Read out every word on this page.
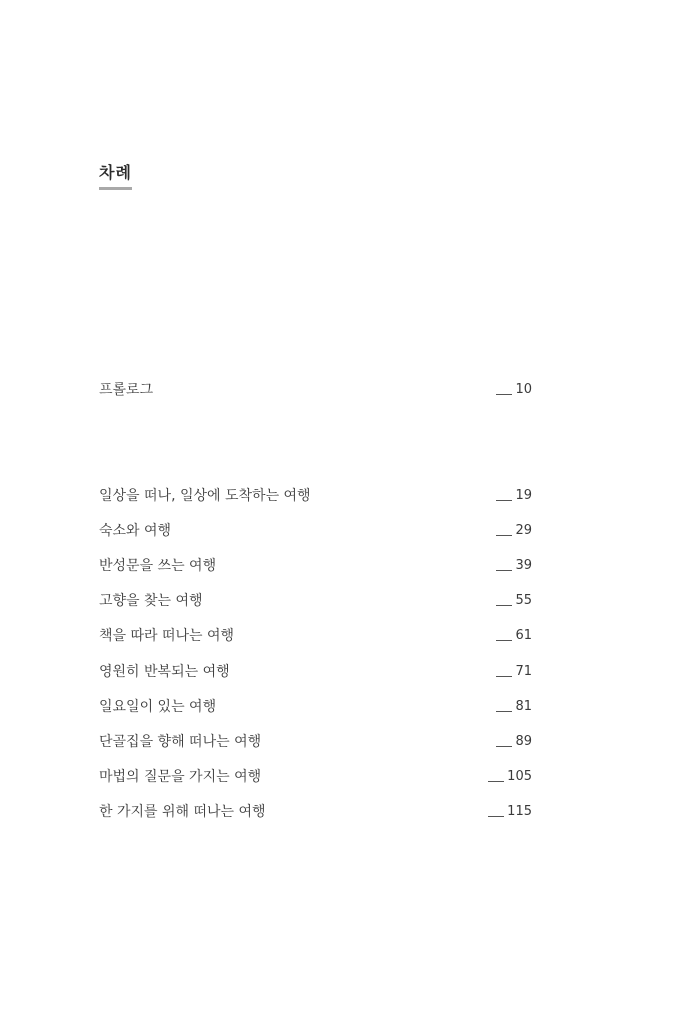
차례
프롤로그	10
일상을 떠나, 일상에 도착하는 여행	19
숙소와 여행	29
반성문을 쓰는 여행	39
고향을 찾는 여행	55
책을 따라 떠나는 여행	61
영원히 반복되는 여행	71
일요일이 있는 여행	81
단골집을 향해 떠나는 여행	89
마법의 질문을 가지는 여행	105
한 가지를 위해 떠나는 여행	115
